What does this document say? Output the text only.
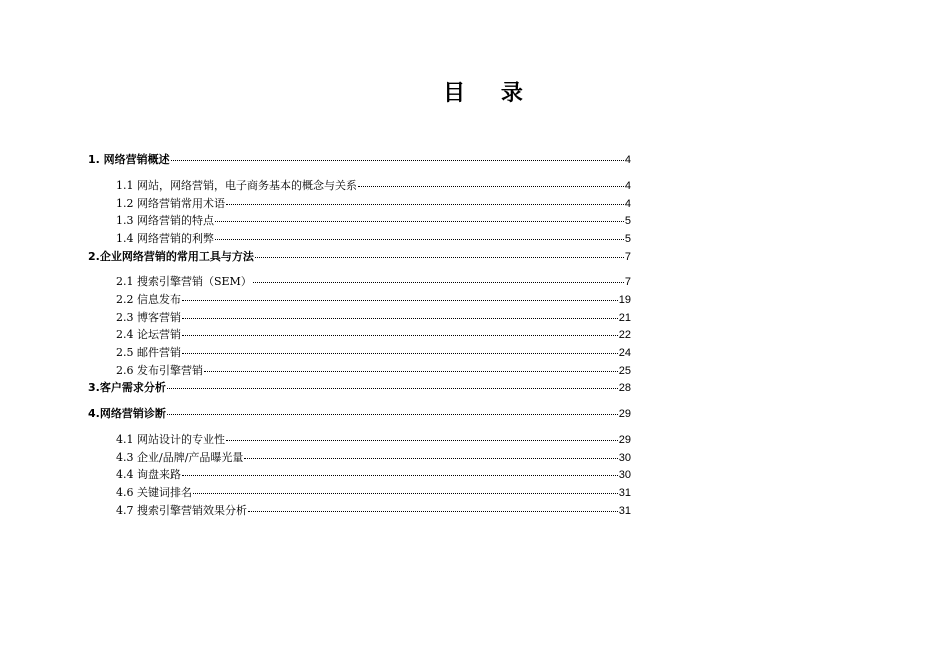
目 录
1. 网络营销概述	4
1.1 网站，网络营销，电子商务基本的概念与关系	4
1.2 网络营销常用术语	4
1.3 网络营销的特点	5
1.4 网络营销的利弊	5
2.企业网络营销的常用工具与方法	7
2.1 搜索引擎营销（SEM）	7
2.2 信息发布	19
2.3 博客营销	21
2.4 论坛营销	22
2.5 邮件营销	24
2.6 发布引擎营销	25
3.客户需求分析	28
4.网络营销诊断	29
4.1 网站设计的专业性	29
4.3 企业/品牌/产品曝光量	30
4.4 询盘来路	30
4.6 关键词排名	31
4.7 搜索引擎营销效果分析	31
